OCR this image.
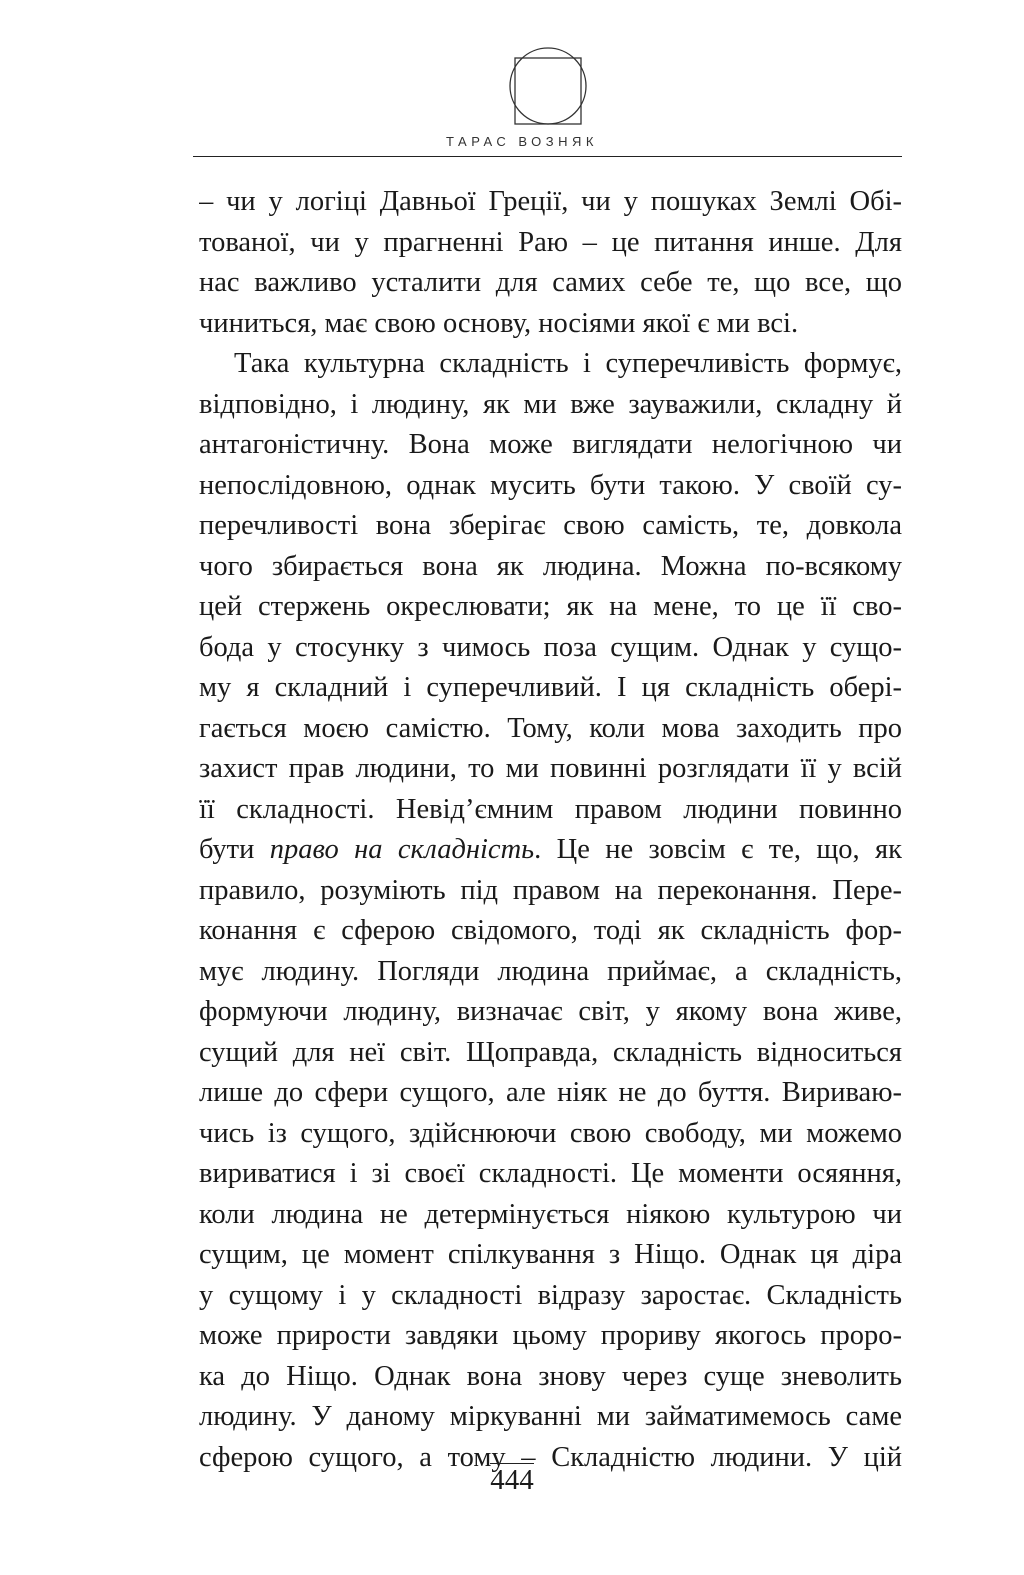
ТАРАС ВОЗНЯК
– чи у логіці Давньої Греції, чи у пошуках Землі Обі-
тованої, чи у прагненні Раю – це питання инше. Для
нас важливо усталити для самих себе те, що все, що
чиниться, має свою основу, носіями якої є ми всі.
Така культурна складність і суперечливість формує,
відповідно, і людину, як ми вже зауважили, складну й
антагоністичну. Вона може виглядати нелогічною чи
непослідовною, однак мусить бути такою. У своїй су-
перечливості вона зберігає свою самість, те, довкола
чого збирається вона як людина. Можна по-всякому
цей стержень окреслювати; як на мене, то це її сво-
бода у стосунку з чимось поза сущим. Однак у сущо-
му я складний і суперечливий. І ця складність обері-
гається моєю самістю. Тому, коли мова заходить про
захист прав людини, то ми повинні розглядати її у всій
її складності. Невід’ємним правом людини повинно
бути право на складність. Це не зовсім є те, що, як
правило, розуміють під правом на переконання. Пере-
конання є сферою свідомого, тоді як складність фор-
мує людину. Погляди людина приймає, а складність,
формуючи людину, визначає світ, у якому вона живе,
сущий для неї світ. Щоправда, складність відноситься
лише до сфери сущого, але ніяк не до буття. Вириваю-
чись із сущого, здійснюючи свою свободу, ми можемо
вириватися і зі своєї складності. Це моменти осяяння,
коли людина не детермінується ніякою культурою чи
сущим, це момент спілкування з Ніщо. Однак ця діра
у сущому і у складності відразу заростає. Складність
може прирости завдяки цьому прориву якогось проро-
ка до Ніщо. Однак вона знову через суще зневолить
людину. У даному міркуванні ми займатимемось саме
сферою сущого, а тому – Складністю людини. У цій
444
